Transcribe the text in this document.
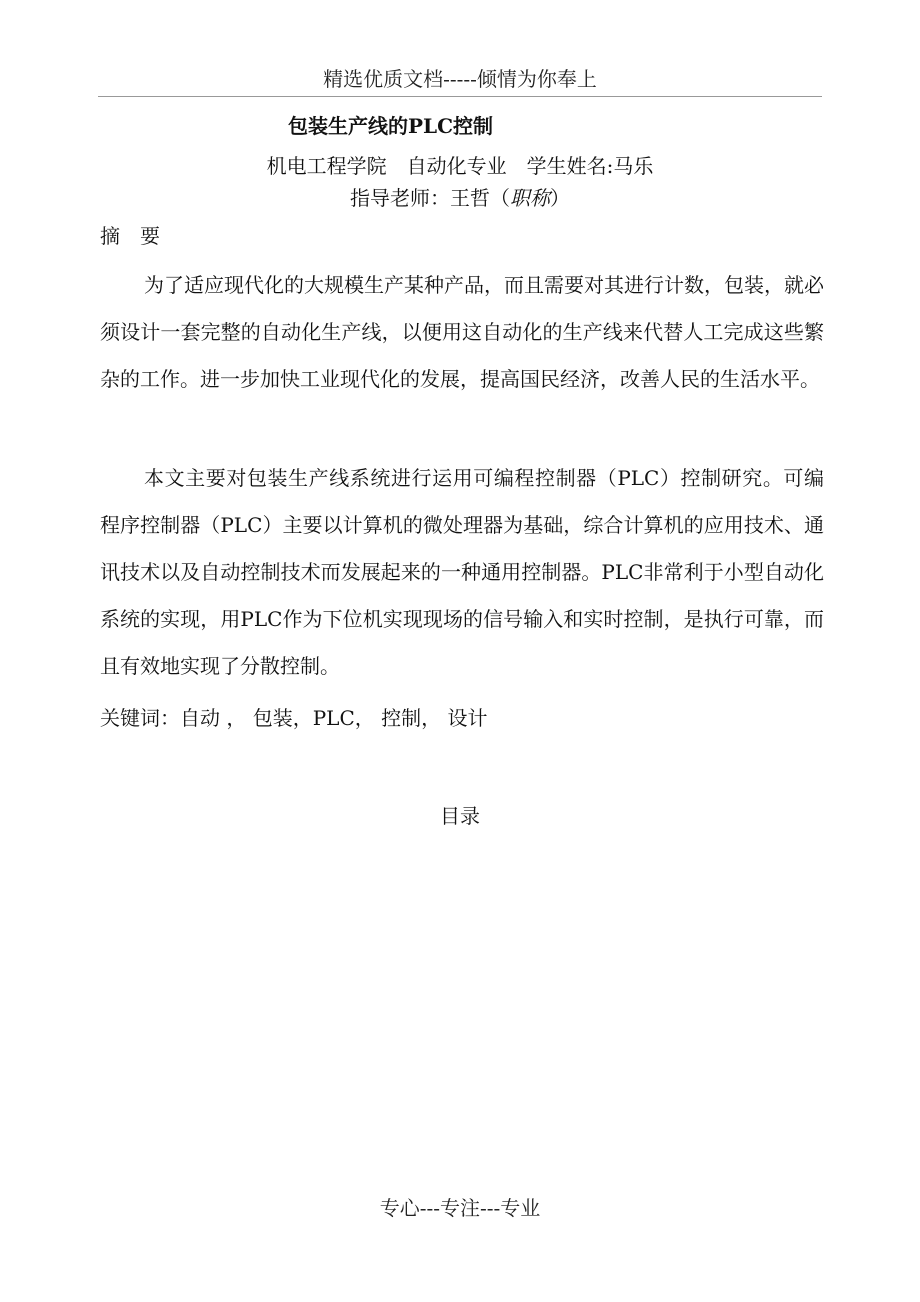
精选优质文档-----倾情为你奉上
包装生产线的PLC控制
机电工程学院 自动化专业 学生姓名:马乐
指导老师：王哲（职称）
摘　要

为了适应现代化的大规模生产某种产品，而且需要对其进行计数，包装，就必须设计一套完整的自动化生产线，以便用这自动化的生产线来代替人工完成这些繁杂的工作。进一步加快工业现代化的发展，提高国民经济，改善人民的生活水平。

本文主要对包装生产线系统进行运用可编程控制器（PLC）控制研究。可编程序控制器（PLC）主要以计算机的微处理器为基础，综合计算机的应用技术、通讯技术以及自动控制技术而发展起来的一种通用控制器。PLC非常利于小型自动化系统的实现，用PLC作为下位机实现现场的信号输入和实时控制，是执行可靠，而且有效地实现了分散控制。

关键词：自动 ， 包装，PLC， 控制， 设计
目录
专心---专注---专业
